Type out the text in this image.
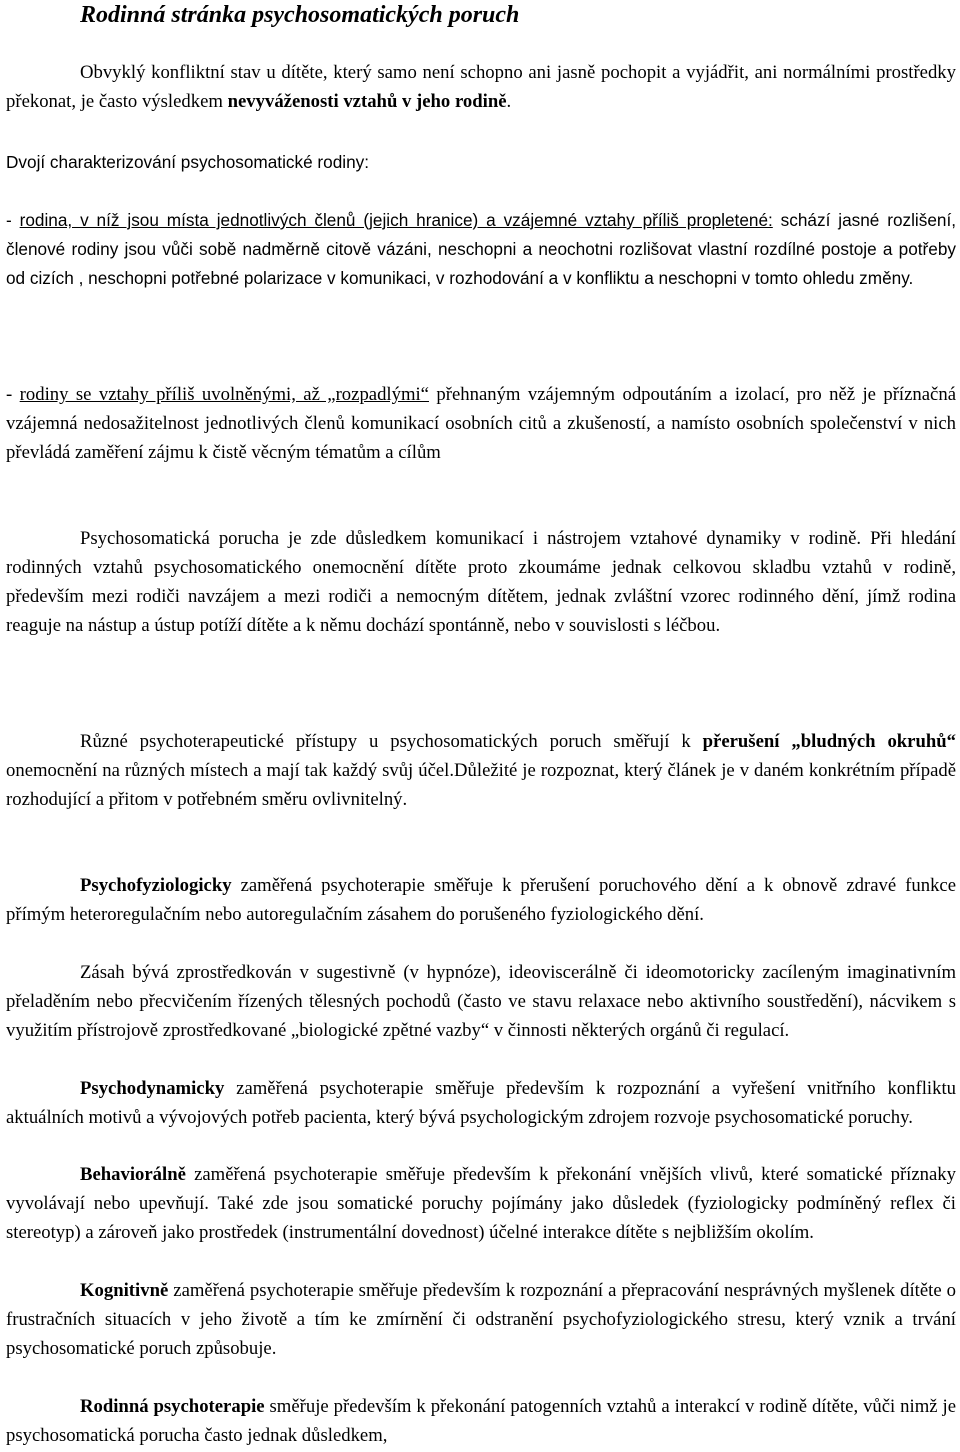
Rodinná stránka psychosomatických poruch

Obvyklý konfliktní stav u dítěte, který samo není schopno ani jasně pochopit a vyjádřit, ani normálními prostředky překonat, je často výsledkem nevyváženosti vztahů v jeho rodině.

Dvojí charakterizování psychosomatické rodiny:

- rodina, v níž jsou místa jednotlivých členů (jejich hranice) a vzájemné vztahy příliš propletené: schází jasné rozlišení, členové rodiny jsou vůči sobě nadměrně citově vázáni, neschopni a neochotni rozlišovat vlastní rozdílné postoje a potřeby od cizích , neschopni potřebné polarizace v komunikaci, v rozhodování a v konfliktu a neschopni v tomto ohledu změny.

- rodiny se vztahy příliš uvolněnými, až „rozpadlými“ přehnaným vzájemným odpoutáním a izolací, pro něž je příznačná vzájemná nedosažitelnost jednotlivých členů komunikací osobních citů a zkušeností, a namísto osobních společenství v nich převládá zaměření zájmu k čistě věcným tématům a cílům

Psychosomatická porucha je zde důsledkem komunikací i nástrojem vztahové dynamiky v rodině. Při hledání rodinných vztahů psychosomatického onemocnění dítěte proto zkoumáme jednak celkovou skladbu vztahů v rodině, především mezi rodiči navzájem a mezi rodiči a nemocným dítětem, jednak zvláštní vzorec rodinného dění, jímž rodina reaguje na nástup a ústup potíží dítěte a k němu dochází spontánně, nebo v souvislosti s léčbou.

Různé psychoterapeutické přístupy u psychosomatických poruch směřují k přerušení „bludných okruhů“ onemocnění na různých místech a mají tak každý svůj účel.Důležité je rozpoznat, který článek je v daném konkrétním případě rozhodující a přitom v potřebném směru ovlivnitelný.

Psychofyziologicky zaměřená psychoterapie směřuje k přerušení poruchového dění a k obnově zdravé funkce přímým heteroregulačním nebo autoregulačním zásahem do porušeného fyziologického dění.

Zásah bývá zprostředkován v sugestivně (v hypnóze), ideoviscerálně či ideomotoricky zacíleným imaginativním přeladěním nebo přecvičením řízených tělesných pochodů (často ve stavu relaxace nebo aktivního soustředění), nácvikem s využitím přístrojově zprostředkované „biologické zpětné vazby“ v činnosti některých orgánů či regulací.

Psychodynamicky zaměřená psychoterapie směřuje především k rozpoznání a vyřešení vnitřního konfliktu aktuálních motivů a vývojových potřeb pacienta, který bývá psychologickým zdrojem rozvoje psychosomatické poruchy.

Behaviorálně zaměřená psychoterapie směřuje především k překonání vnějších vlivů, které somatické příznaky vyvolávají nebo upevňují. Také zde jsou somatické poruchy pojímány jako důsledek (fyziologicky podmíněný reflex či stereotyp) a zároveň jako prostředek (instrumentální dovednost) účelné interakce dítěte s nejbližším okolím.

Kognitivně zaměřená psychoterapie směřuje především k rozpoznání a přepracování nesprávných myšlenek dítěte o frustračních situacích v jeho životě a tím ke zmírnění či odstranění psychofyziologického stresu, který vznik a trvání psychosomatické poruch způsobuje.

Rodinná psychoterapie směřuje především k překonání patogenních vztahů a interakcí v rodině dítěte, vůči nimž je psychosomatická porucha často jednak důsledkem,
